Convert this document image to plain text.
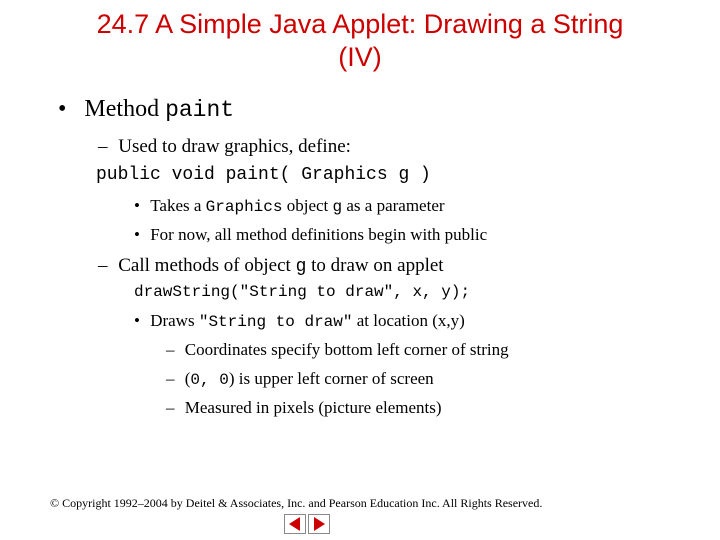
24.7 A Simple Java Applet: Drawing a String
(IV)
• Method paint
– Used to draw graphics, define:
public void paint( Graphics g )
• Takes a Graphics object g as a parameter
• For now, all method definitions begin with public
– Call methods of object g to draw on applet
drawString("String to draw", x, y);
• Draws "String to draw" at location (x,y)
– Coordinates specify bottom left corner of string
– (0, 0) is upper left corner of screen
– Measured in pixels (picture elements)
© Copyright 1992–2004 by Deitel & Associates, Inc. and Pearson Education Inc. All Rights Reserved.
